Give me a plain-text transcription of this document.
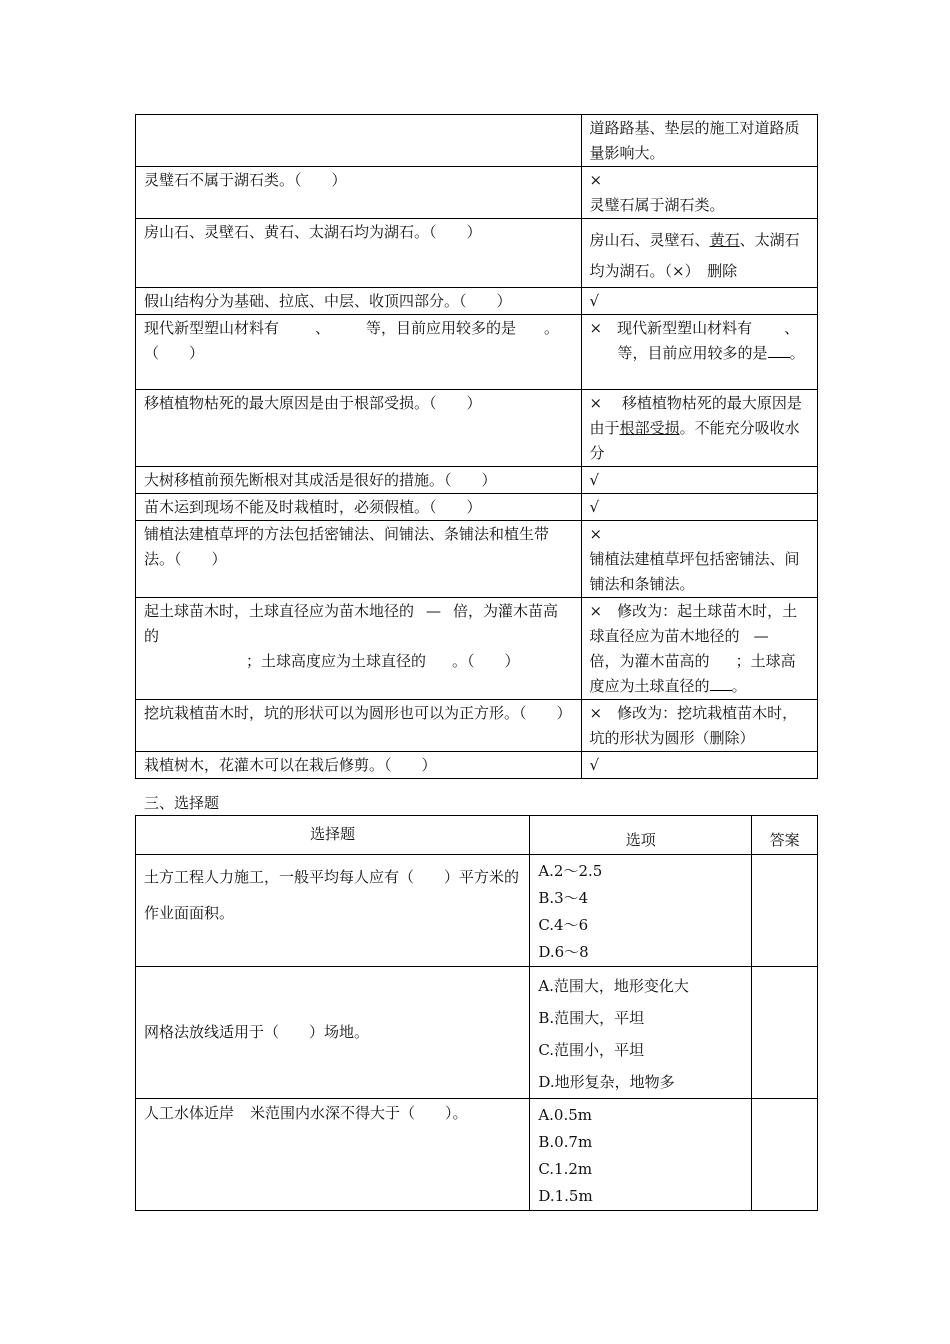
	道路路基、垫层的施工对道路质量影响大。
灵璧石不属于湖石类。（　　）	×
灵璧石属于湖石类。

房山石、灵壁石、黄石、太湖石均为湖石。（　　）	房山石、灵壁石、黄石、太湖石均为湖石。（×）　删除
假山结构分为基础、拉底、中层、收顶四部分。（　　）	√
现代新型塑山材料有 、 等，目前应用较多的是 。（　　）	×　现代新型塑山材料有 、
等，目前应用较多的是 。
移植植物枯死的最大原因是由于根部受损。（　　）	×　 移植植物枯死的最大原因是由于根部受损。不能充分吸收水分
大树移植前预先断根对其成活是很好的措施。（　　）	√
苗木运到现场不能及时栽植时，必须假植。（　　）	√
铺植法建植草坪的方法包括密铺法、间铺法、条铺法和植生带法。（　　）	×
铺植法建植草坪包括密铺法、间铺法和条铺法。

起土球苗木时，土球直径应为苗木地径的 — 倍，为灌木苗高的
；土球高度应为土球直径的 。（　　）	×　修改为：起土球苗木时，土球直径应为苗木地径的 —
倍，为灌木苗高的 ；土球高度应为土球直径的 。
挖坑栽植苗木时，坑的形状可以为圆形也可以为正方形。（　　）	×　修改为：挖坑栽植苗木时，坑的形状为圆形（删除）
栽植树木，花灌木可以在栽后修剪。（　　）	√
三、选择题
选择题	选项	答案
土方工程人力施工，一般平均每人应有（　　）平方米的作业面面积。	A.2～2.5
B.3～4
C.4～6
D.6～8	

网格法放线适用于（　　）场地。	A.范围大，地形变化大
B.范围大，平坦
C.范围小，平坦
D.地形复杂，地物多	

人工水体近岸 米范围内水深不得大于（　　）。	A.0.5m
B.0.7m
C.1.2m
D.1.5m	
